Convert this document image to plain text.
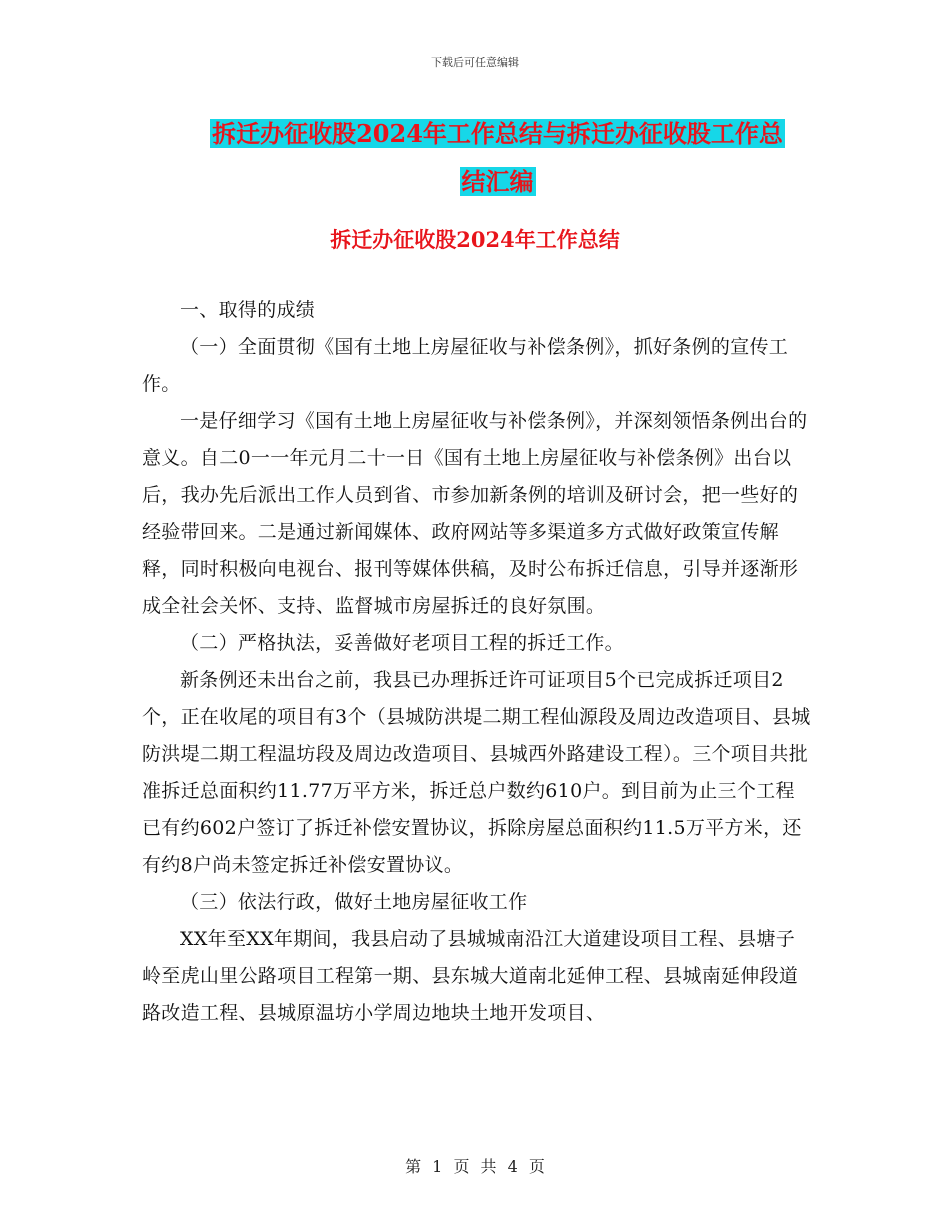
下载后可任意编辑
拆迁办征收股2024年工作总结与拆迁办征收股工作总
结汇编
拆迁办征收股2024年工作总结

一、取得的成绩

（一）全面贯彻《国有土地上房屋征收与补偿条例》，抓好条例的宣传工作。

一是仔细学习《国有土地上房屋征收与补偿条例》，并深刻领悟条例出台的意义。自二0一一年元月二十一日《国有土地上房屋征收与补偿条例》出台以后，我办先后派出工作人员到省、市参加新条例的培训及研讨会，把一些好的经验带回来。二是通过新闻媒体、政府网站等多渠道多方式做好政策宣传解释，同时积极向电视台、报刊等媒体供稿，及时公布拆迁信息，引导并逐渐形成全社会关怀、支持、监督城市房屋拆迁的良好氛围。

（二）严格执法，妥善做好老项目工程的拆迁工作。

新条例还未出台之前，我县已办理拆迁许可证项目5个已完成拆迁项目2个，正在收尾的项目有3个（县城防洪堤二期工程仙源段及周边改造项目、县城防洪堤二期工程温坊段及周边改造项目、县城西外路建设工程）。三个项目共批准拆迁总面积约11.77万平方米，拆迁总户数约610户。到目前为止三个工程已有约602户签订了拆迁补偿安置协议，拆除房屋总面积约11.5万平方米，还有约8户尚未签定拆迁补偿安置协议。

（三）依法行政，做好土地房屋征收工作

XX年至XX年期间，我县启动了县城城南沿江大道建设项目工程、县塘子岭至虎山里公路项目工程第一期、县东城大道南北延伸工程、县城南延伸段道路改造工程、县城原温坊小学周边地块土地开发项目、

第 1 页 共 4 页
